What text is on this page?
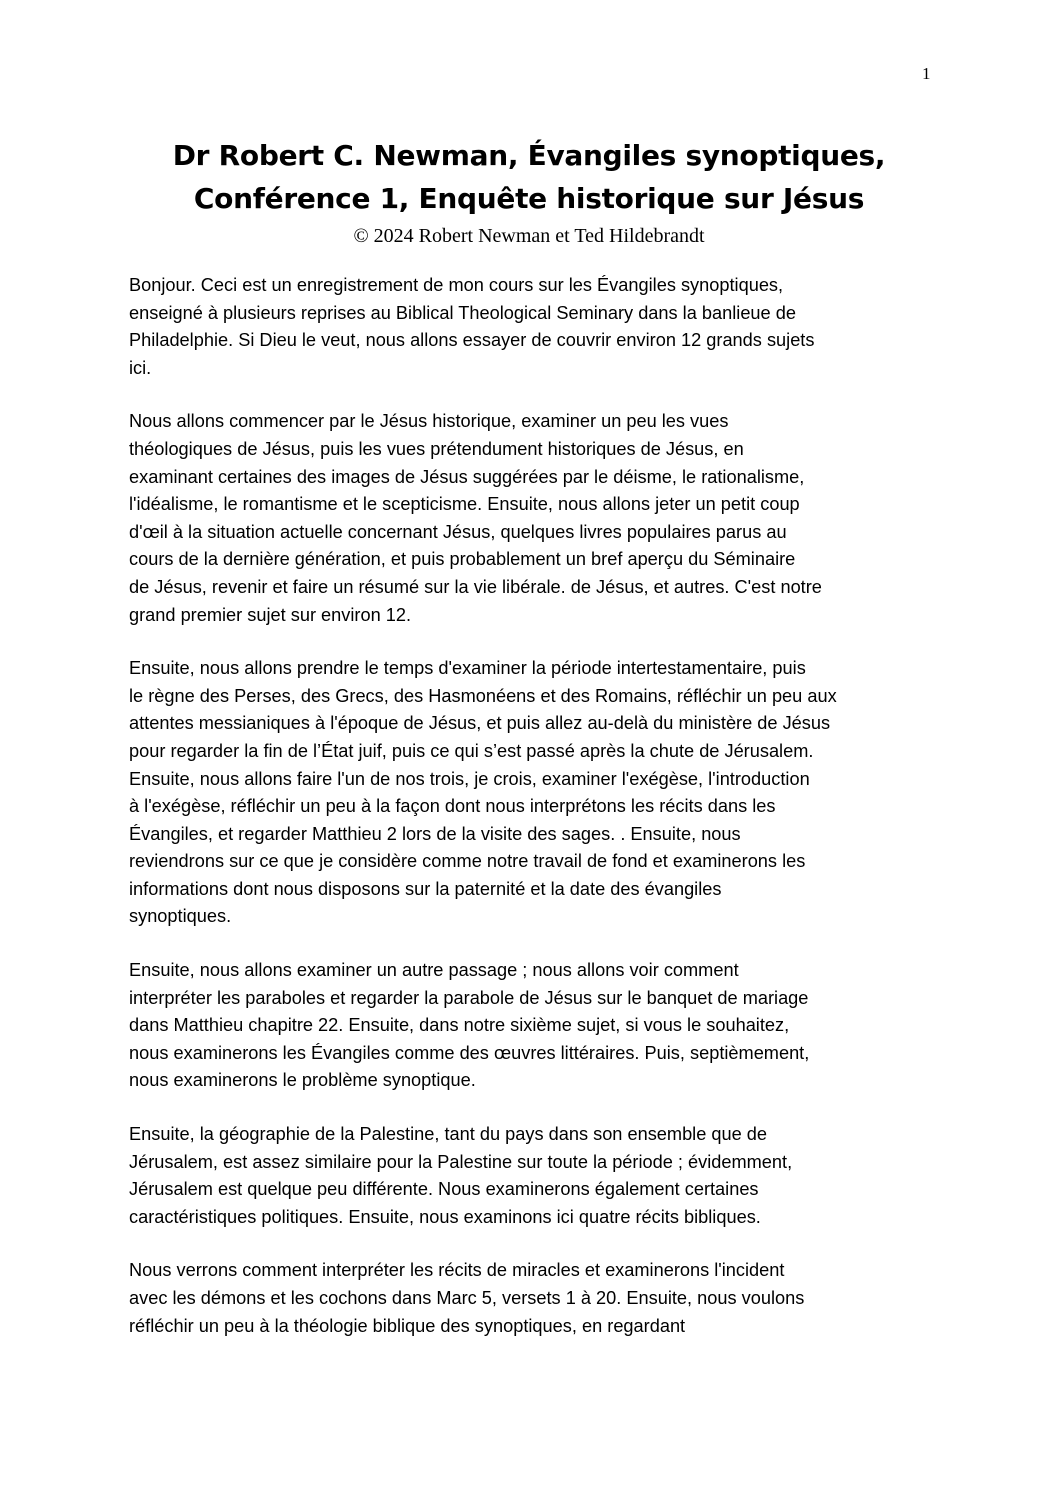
1
Dr Robert C. Newman, Évangiles synoptiques,
Conférence 1, Enquête historique sur Jésus
© 2024 Robert Newman et Ted Hildebrandt

Bonjour. Ceci est un enregistrement de mon cours sur les Évangiles synoptiques,
enseigné à plusieurs reprises au Biblical Theological Seminary dans la banlieue de
Philadelphie. Si Dieu le veut, nous allons essayer de couvrir environ 12 grands sujets
ici.

Nous allons commencer par le Jésus historique, examiner un peu les vues
théologiques de Jésus, puis les vues prétendument historiques de Jésus, en
examinant certaines des images de Jésus suggérées par le déisme, le rationalisme,
l'idéalisme, le romantisme et le scepticisme. Ensuite, nous allons jeter un petit coup
d'œil à la situation actuelle concernant Jésus, quelques livres populaires parus au
cours de la dernière génération, et puis probablement un bref aperçu du Séminaire
de Jésus, revenir et faire un résumé sur la vie libérale. de Jésus, et autres. C'est notre
grand premier sujet sur environ 12.

Ensuite, nous allons prendre le temps d'examiner la période intertestamentaire, puis
le règne des Perses, des Grecs, des Hasmonéens et des Romains, réfléchir un peu aux
attentes messianiques à l'époque de Jésus, et puis allez au-delà du ministère de Jésus
pour regarder la fin de l’État juif, puis ce qui s’est passé après la chute de Jérusalem.
Ensuite, nous allons faire l'un de nos trois, je crois, examiner l'exégèse, l'introduction
à l'exégèse, réfléchir un peu à la façon dont nous interprétons les récits dans les
Évangiles, et regarder Matthieu 2 lors de la visite des sages. . Ensuite, nous
reviendrons sur ce que je considère comme notre travail de fond et examinerons les
informations dont nous disposons sur la paternité et la date des évangiles
synoptiques.

Ensuite, nous allons examiner un autre passage ; nous allons voir comment
interpréter les paraboles et regarder la parabole de Jésus sur le banquet de mariage
dans Matthieu chapitre 22. Ensuite, dans notre sixième sujet, si vous le souhaitez,
nous examinerons les Évangiles comme des œuvres littéraires. Puis, septièmement,
nous examinerons le problème synoptique.

Ensuite, la géographie de la Palestine, tant du pays dans son ensemble que de
Jérusalem, est assez similaire pour la Palestine sur toute la période ; évidemment,
Jérusalem est quelque peu différente. Nous examinerons également certaines
caractéristiques politiques. Ensuite, nous examinons ici quatre récits bibliques.

Nous verrons comment interpréter les récits de miracles et examinerons l'incident
avec les démons et les cochons dans Marc 5, versets 1 à 20. Ensuite, nous voulons
réfléchir un peu à la théologie biblique des synoptiques, en regardant
